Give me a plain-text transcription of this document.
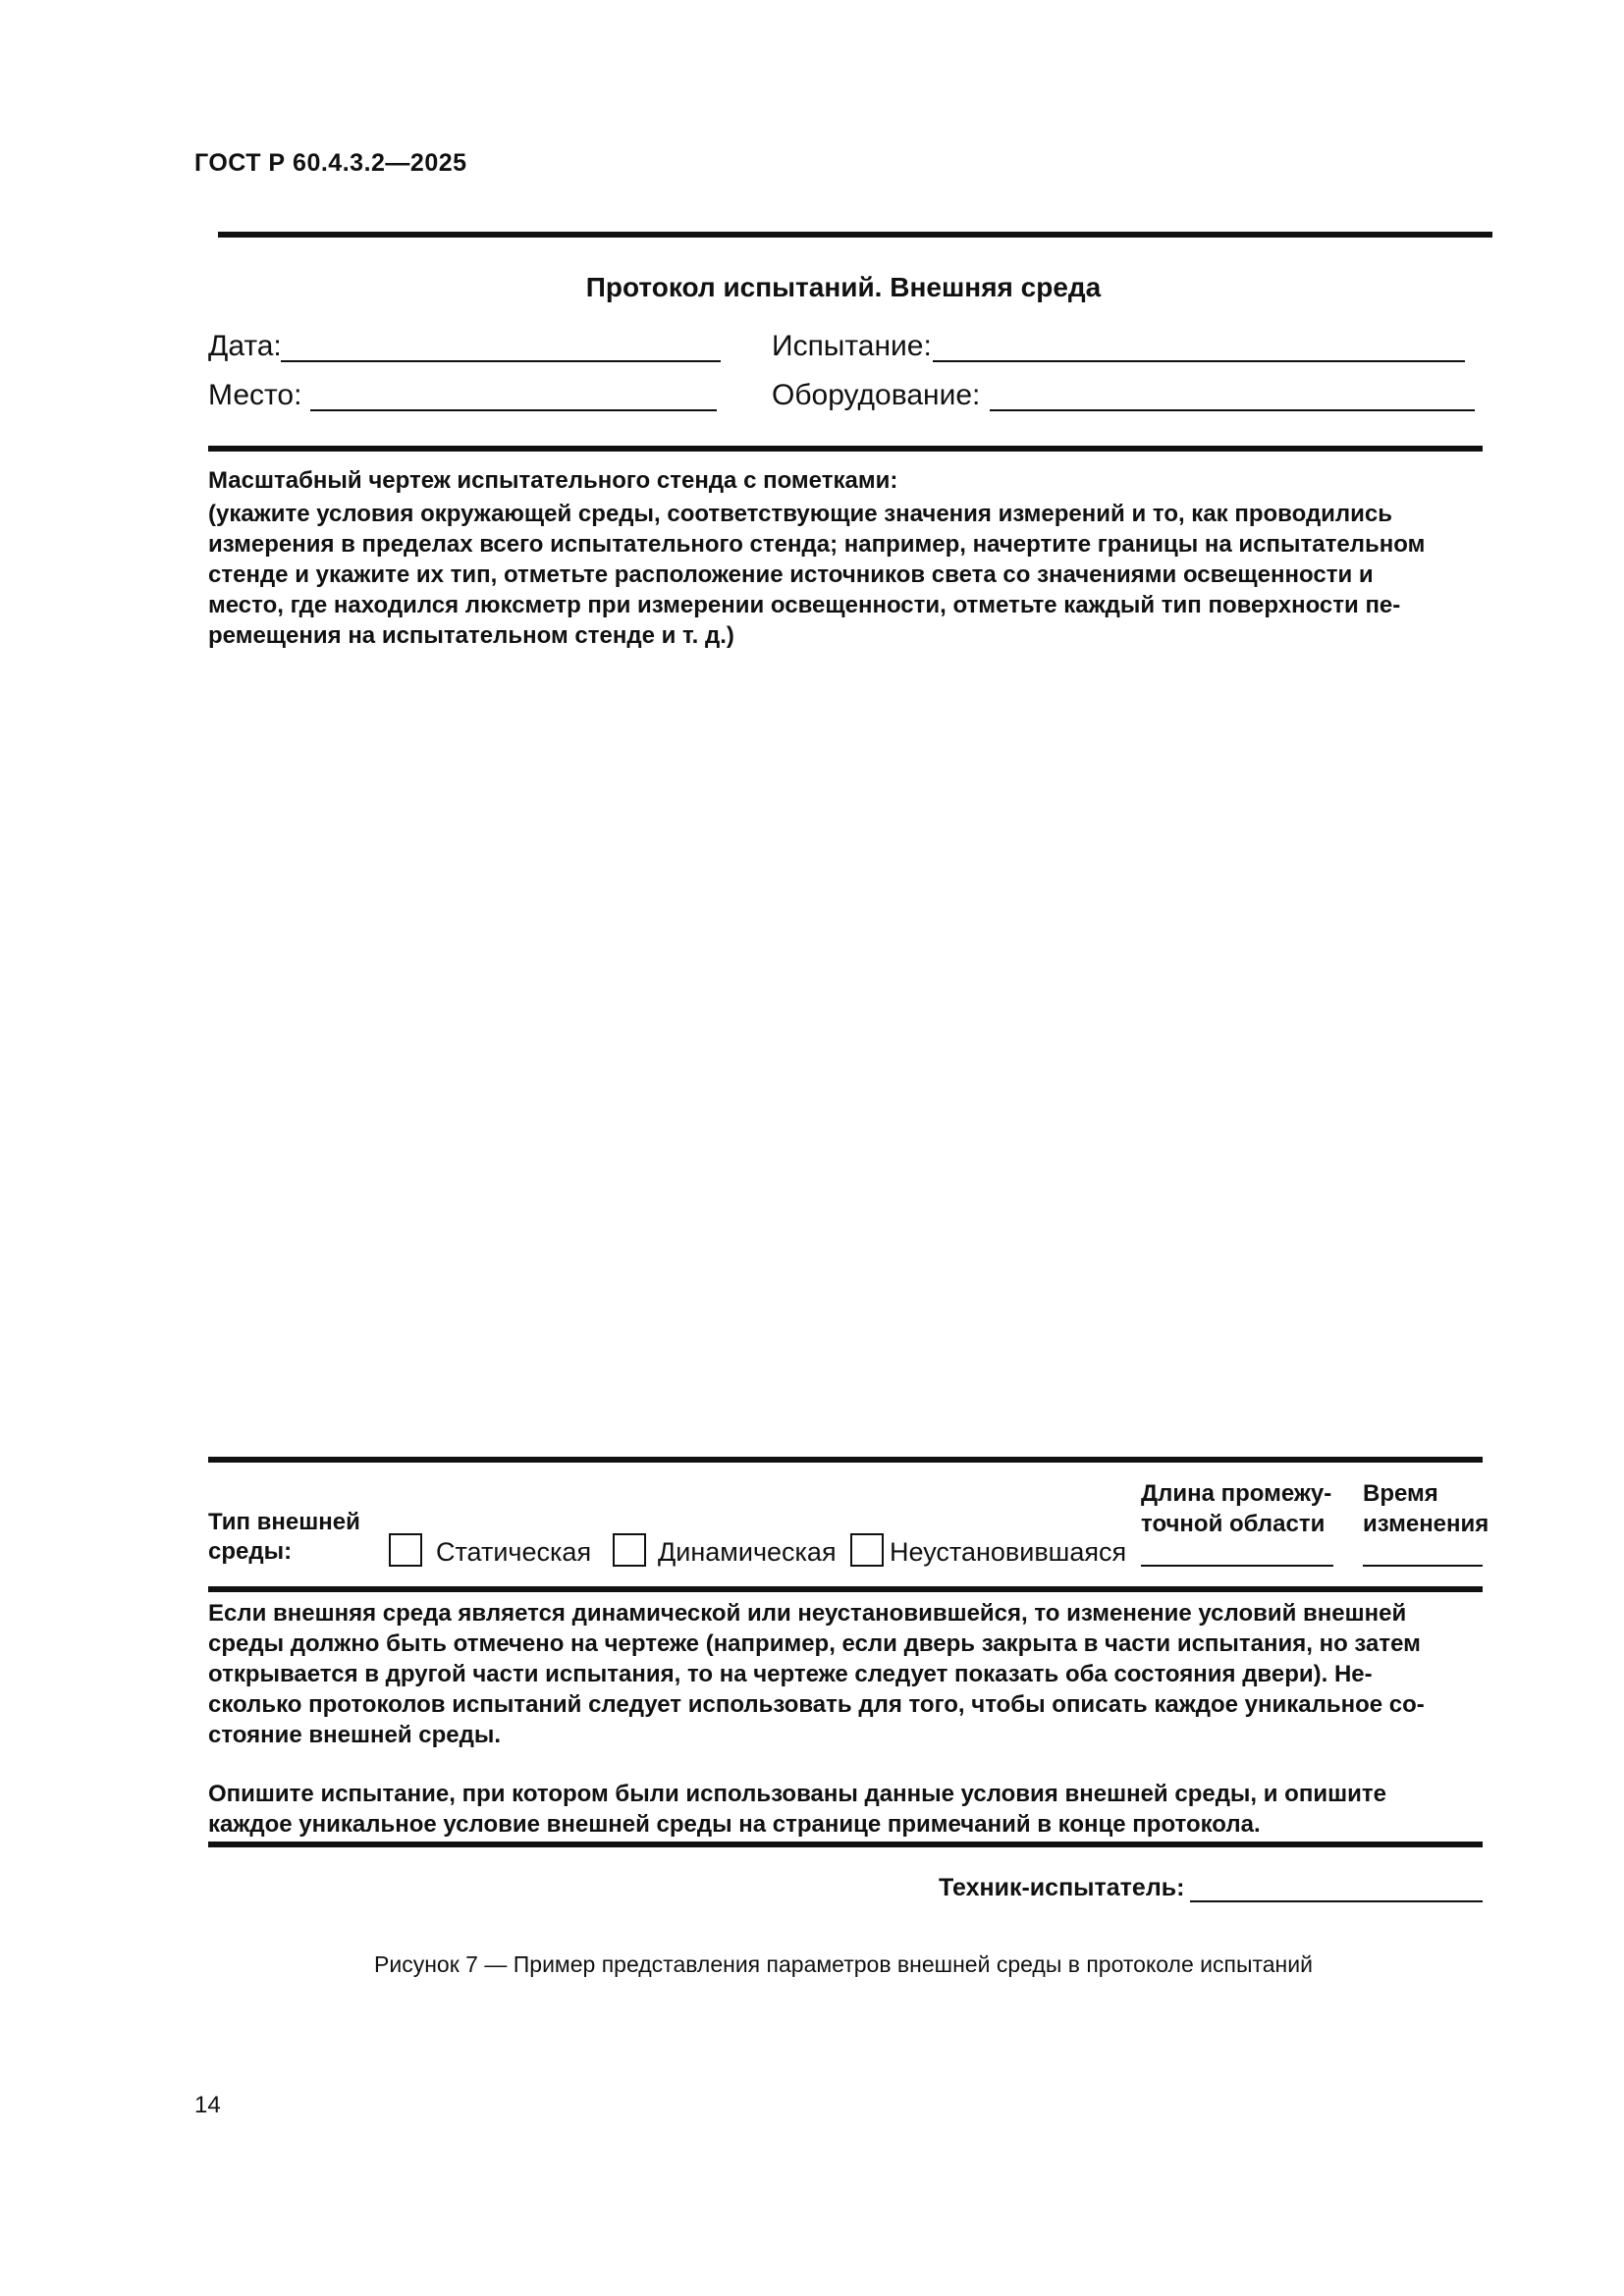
ГОСТ Р 60.4.3.2—2025
Протокол испытаний. Внешняя среда
Дата:	Испытание:
Место:	Оборудование:
Масштабный чертеж испытательного стенда с пометками:
(укажите условия окружающей среды, соответствующие значения измерений и то, как проводились
измерения в пределах всего испытательного стенда; например, начертите границы на испытательном
стенде и укажите их тип, отметьте расположение источников света со значениями освещенности и
место, где находился люксметр при измерении освещенности, отметьте каждый тип поверхности пе-
ремещения на испытательном стенде и т. д.)
Тип внешней
среды:	Статическая	Динамическая Неустановившаяся
Длина промежу-
точной области
Время
изменения
Если внешняя среда является динамической или неустановившейся, то изменение условий внешней
среды должно быть отмечено на чертеже (например, если дверь закрыта в части испытания, но затем
открывается в другой части испытания, то на чертеже следует показать оба состояния двери). Не-
сколько протоколов испытаний следует использовать для того, чтобы описать каждое уникальное со-
стояние внешней среды.
Опишите испытание, при котором были использованы данные условия внешней среды, и опишите
каждое уникальное условие внешней среды на странице примечаний в конце протокола.
Техник-испытатель:
Рисунок 7 — Пример представления параметров внешней среды в протоколе испытаний
14
